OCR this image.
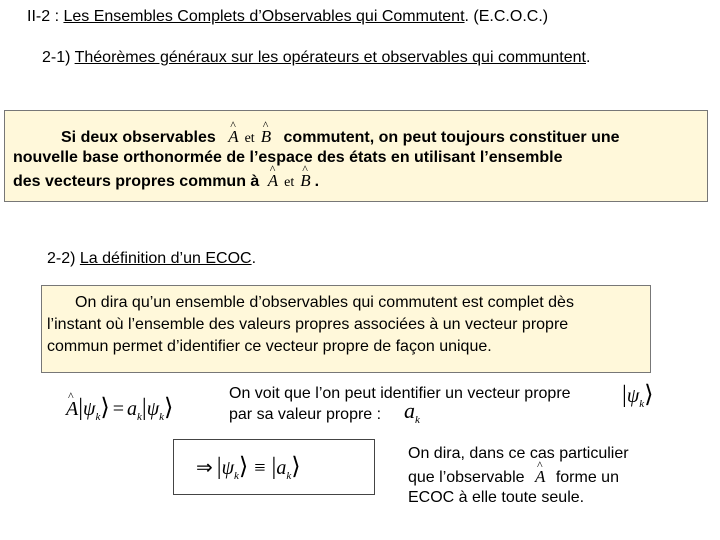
II-2 : Les Ensembles Complets d’Observables qui Commutent. (E.C.O.C.)
2-1) Théorèmes généraux sur les opérateurs et observables qui communtent.
Si deux observables ^ A et ^ B commutent, on peut toujours constituer une
nouvelle base orthonormée de l’espace des états en utilisant l’ensemble
des vecteurs propres commun à ^ A et ^ B .
2-2) La définition d’un ECOC.
On dira qu’un ensemble d’observables qui commutent est complet dès
l’instant où l’ensemble des valeurs propres associées à un vecteur propre
commun permet d’identifier ce vecteur propre de façon unique.
^ $A|\psi_k⟩$ = $a_k|\psi_k⟩$
On voit que l’on peut identifier un vecteur propre
par sa valeur propre : $a_k$
$|\psi_k⟩$
⇒ $|\psi_k⟩$ ≡ $|a_k⟩$
On dira, dans ce cas particulier
que l’observable ^ A forme un
ECOC à elle toute seule.
